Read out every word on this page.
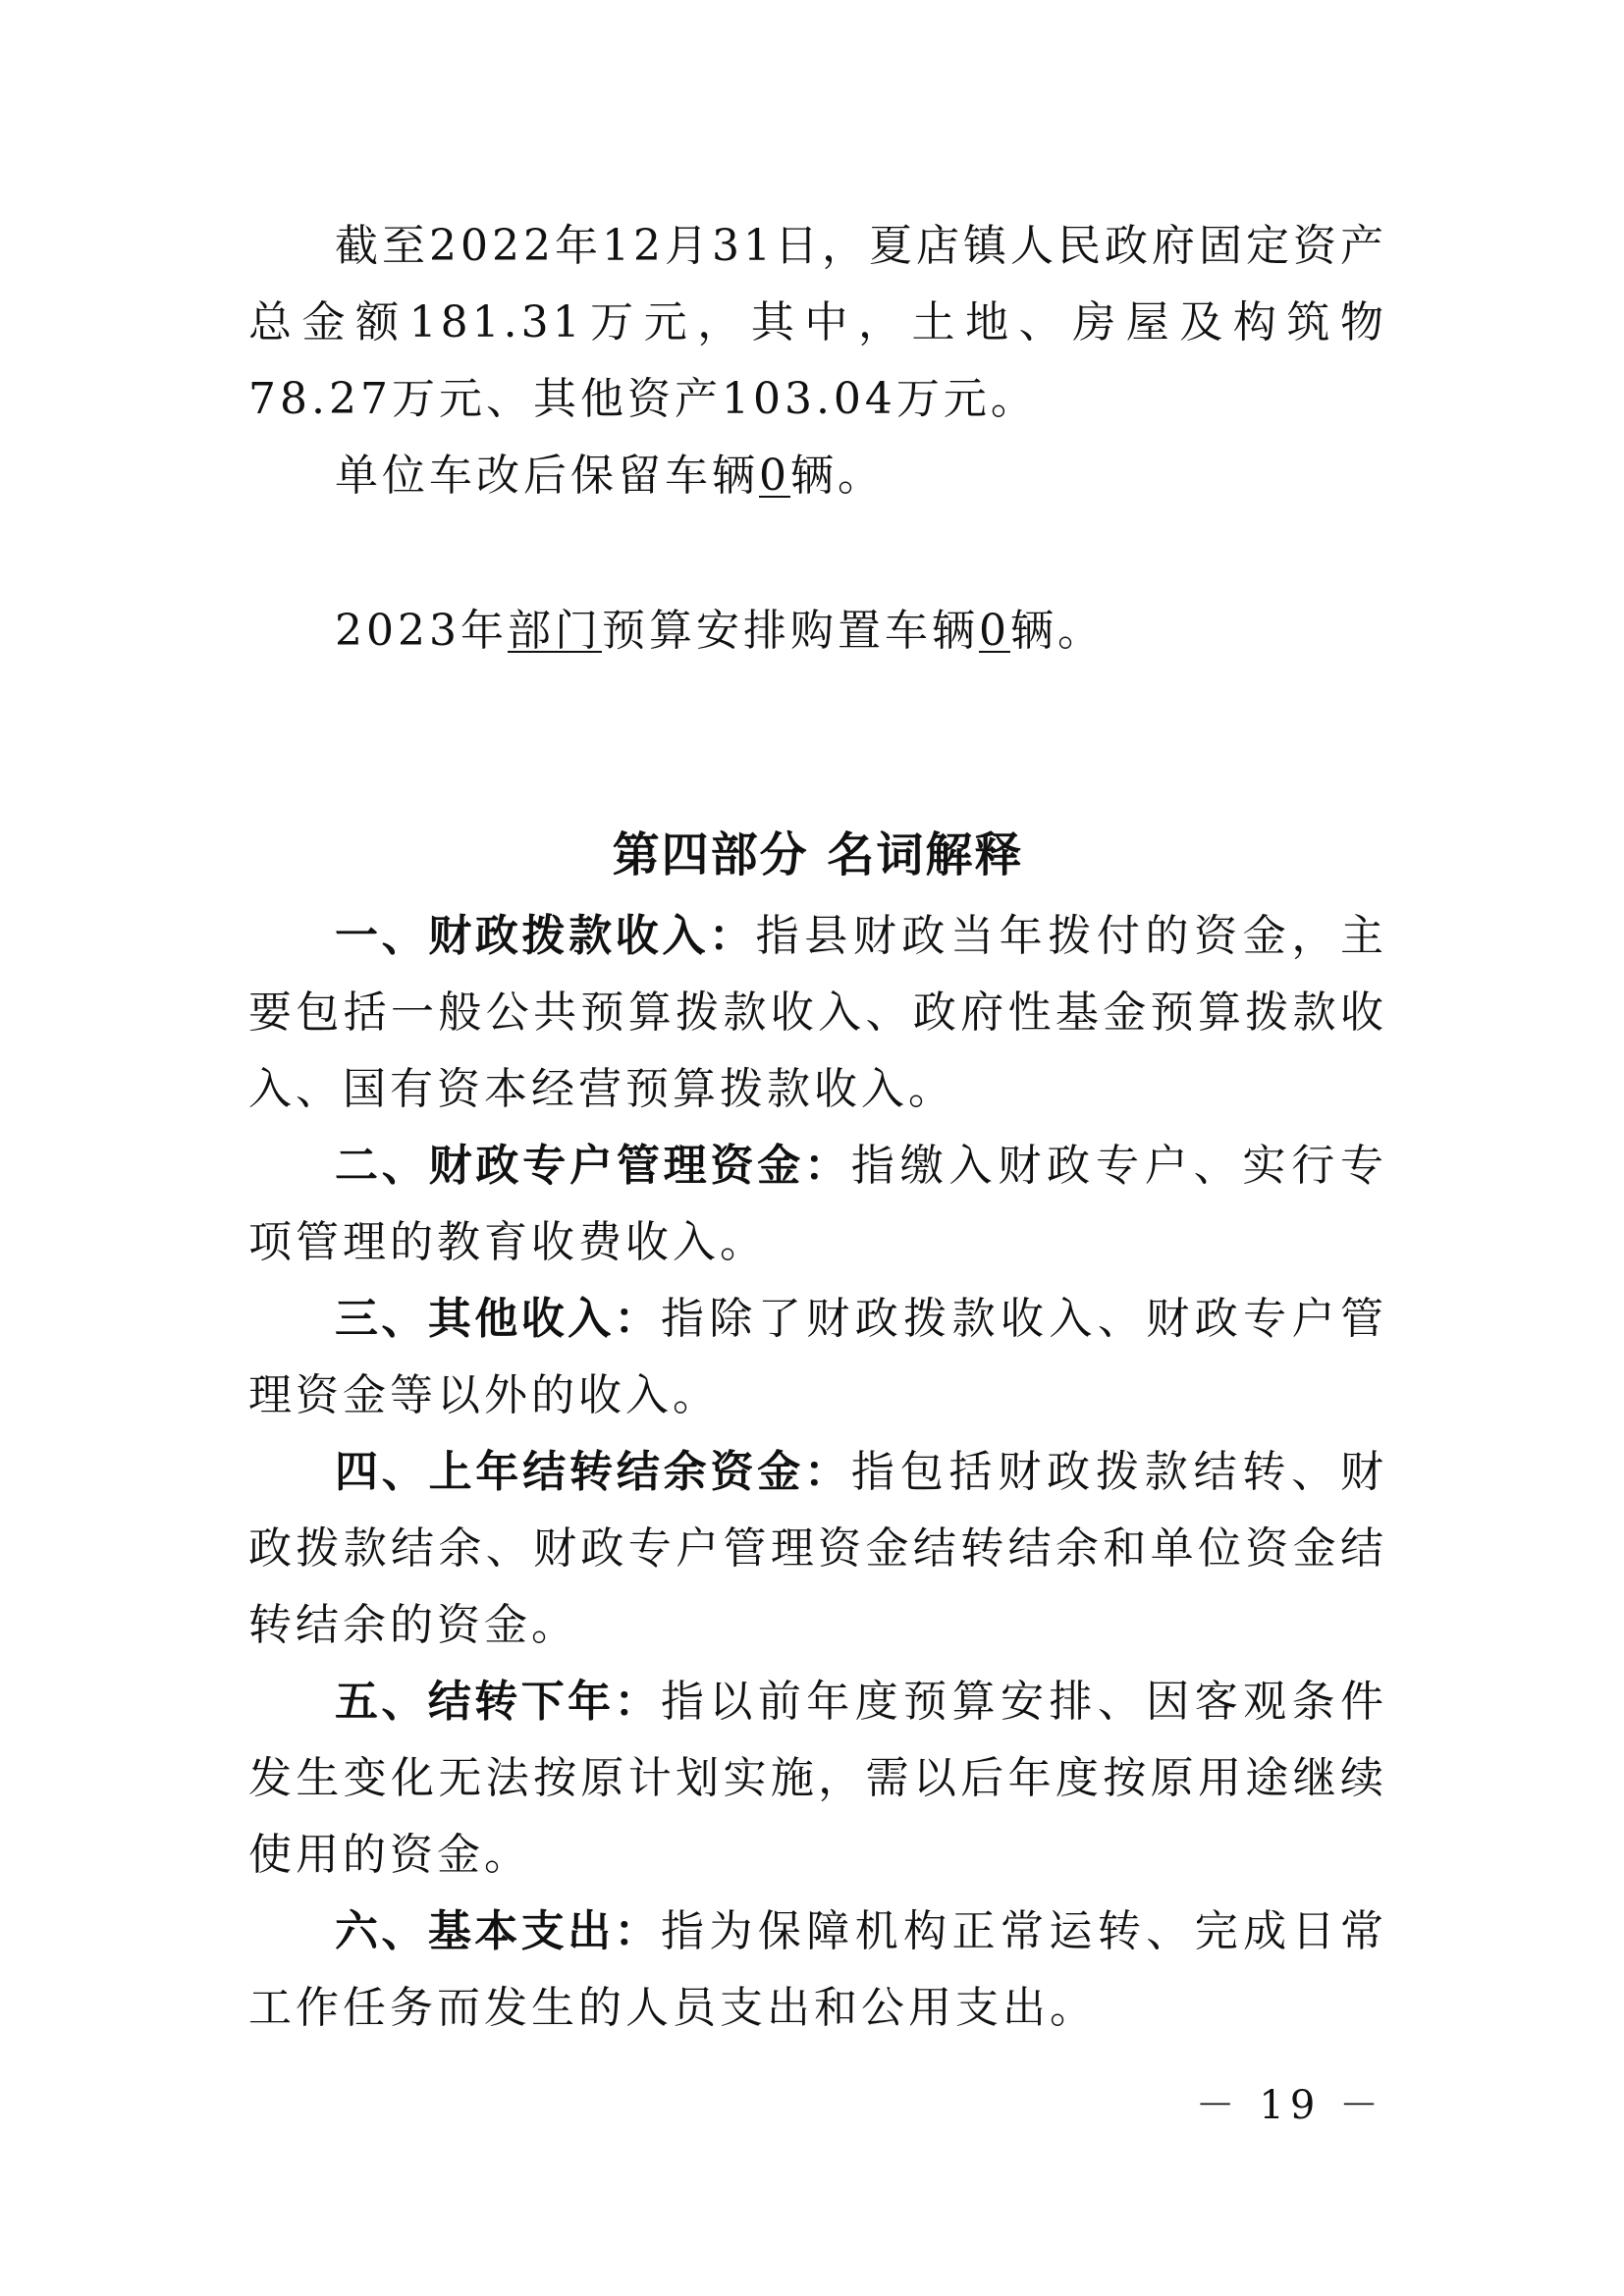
截至2022年12月31日，夏店镇人民政府固定资产总金额181.31万元，其中，土地、房屋及构筑物78.27万元、其他资产103.04万元。

单位车改后保留车辆0辆。

2023年部门预算安排购置车辆0辆。

第四部分 名词解释

一、财政拨款收入：指县财政当年拨付的资金，主要包括一般公共预算拨款收入、政府性基金预算拨款收入、国有资本经营预算拨款收入。

二、财政专户管理资金：指缴入财政专户、实行专项管理的教育收费收入。

三、其他收入：指除了财政拨款收入、财政专户管理资金等以外的收入。

四、上年结转结余资金：指包括财政拨款结转、财政拨款结余、财政专户管理资金结转结余和单位资金结转结余的资金。

五、结转下年：指以前年度预算安排、因客观条件发生变化无法按原计划实施，需以后年度按原用途继续使用的资金。

六、基本支出：指为保障机构正常运转、完成日常工作任务而发生的人员支出和公用支出。

－ 19 －
